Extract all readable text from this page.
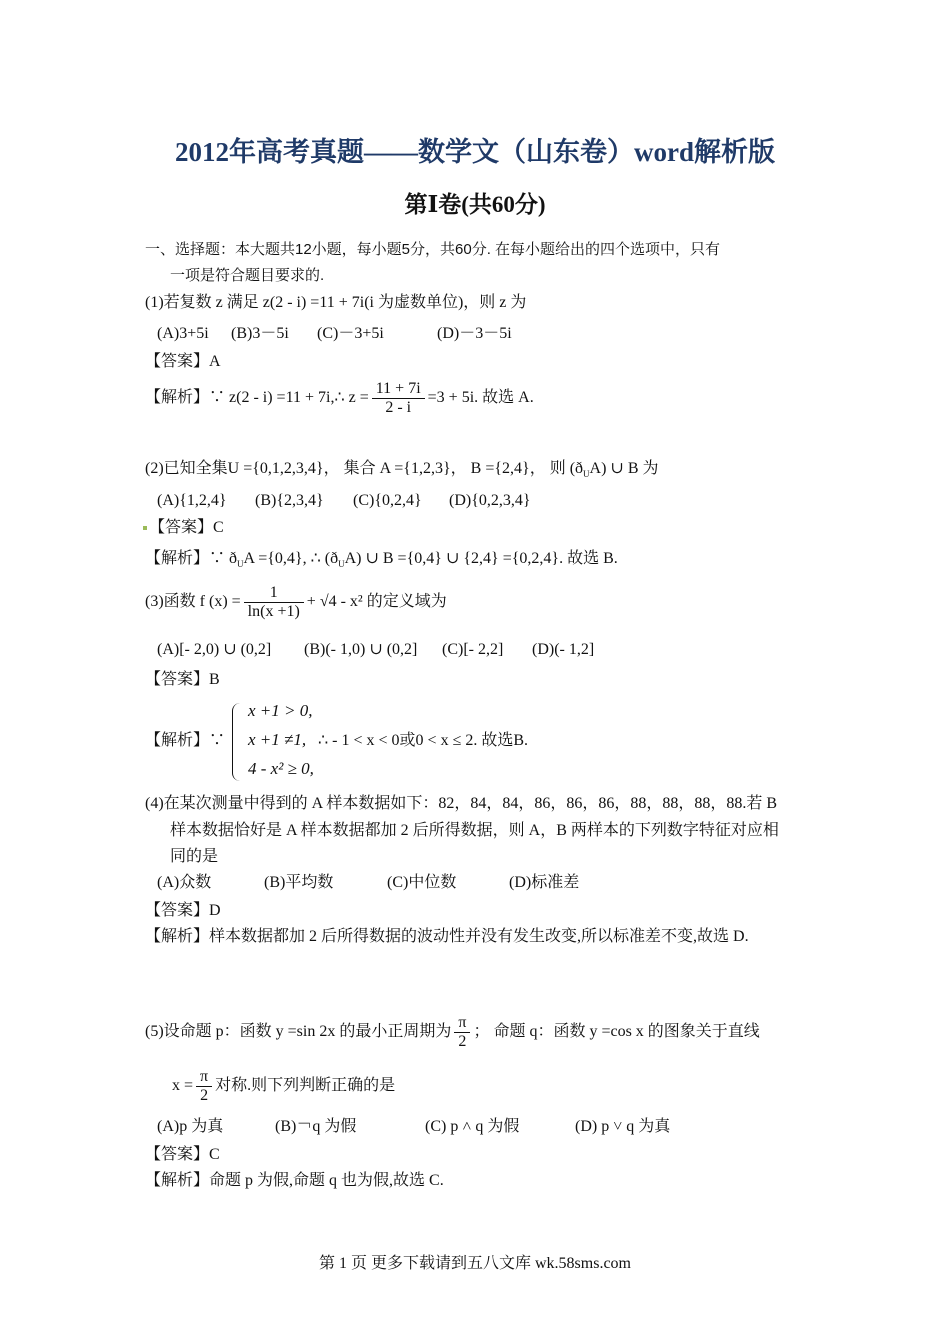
2012年高考真题——数学文（山东卷）word解析版
第Ⅰ卷(共60分)
一、选择题：本大题共12小题，每小题5分，共60分. 在每小题给出的四个选项中，只有
一项是符合题目要求的.
(1)若复数 z 满足 z(2 - i) =11 + 7i(i 为虚数单位)，则 z 为
(A)3+5i (B)3－5i (C)－3+5i	(D)－3－5i
【答案】A
【解析】∵ z(2 - i) =11 + 7i,∴ $z = \frac{11 + 7i}{2 - i} =3 + 5i$. 故选 A.
(2)已知全集U ={0,1,2,3,4}， 集合 A ={1,2,3}， B ={2,4}， 则 $(ð_UA)$ ∪ B 为
(A){1,2,4} (B){2,3,4} (C){0,2,4} (D){0,2,3,4}
【答案】C
【解析】∵ $ð_UA =\{0,4\}$, ∴ $(ð_UA)$ ∪ B ={0,4} ∪ {2,4} ={0,2,4}. 故选 B.
(3)函数 f $(x) = \frac{1}{\ln(x +1)} + √4 - x^2$ 的定义域为
(A)[- 2,0) ∪ (0,2] (B)(- 1,0) ∪ (0,2] (C)[- 2,2] (D)(- 1,2]
【答案】B
【解析】∵
x +1 > 0,
x +1 ≠1,
4 - x² ≥ 0,
∴ - 1 < x < 0或0 < x ≤ 2. 故选B.
(4)在某次测量中得到的 A 样本数据如下：82，84，84，86，86，86，88，88，88，88.若 B
样本数据恰好是 A 样本数据都加 2 后所得数据，则 A，B 两样本的下列数字特征对应相
同的是
(A)众数	(B)平均数	(C)中位数	(D)标准差
【答案】D
【解析】样本数据都加 2 后所得数据的波动性并没有发生改变,所以标准差不变,故选 D.
(5)设命题 p：函数 y =sin 2x 的最小正周期为 $\frac{\pi}{2}$ ； 命题 q：函数 y =cos x 的图象关于直线
$x = \frac{\pi}{2}$ 对称.则下列判断正确的是
(A)p 为真	(B)￢q 为假	(C) p ˄ q 为假	(D) p ˅ q 为真
【答案】C
【解析】命题 p 为假,命题 q 也为假,故选 C.
第 1 页 更多下载请到五八文库 wk.58sms.com
